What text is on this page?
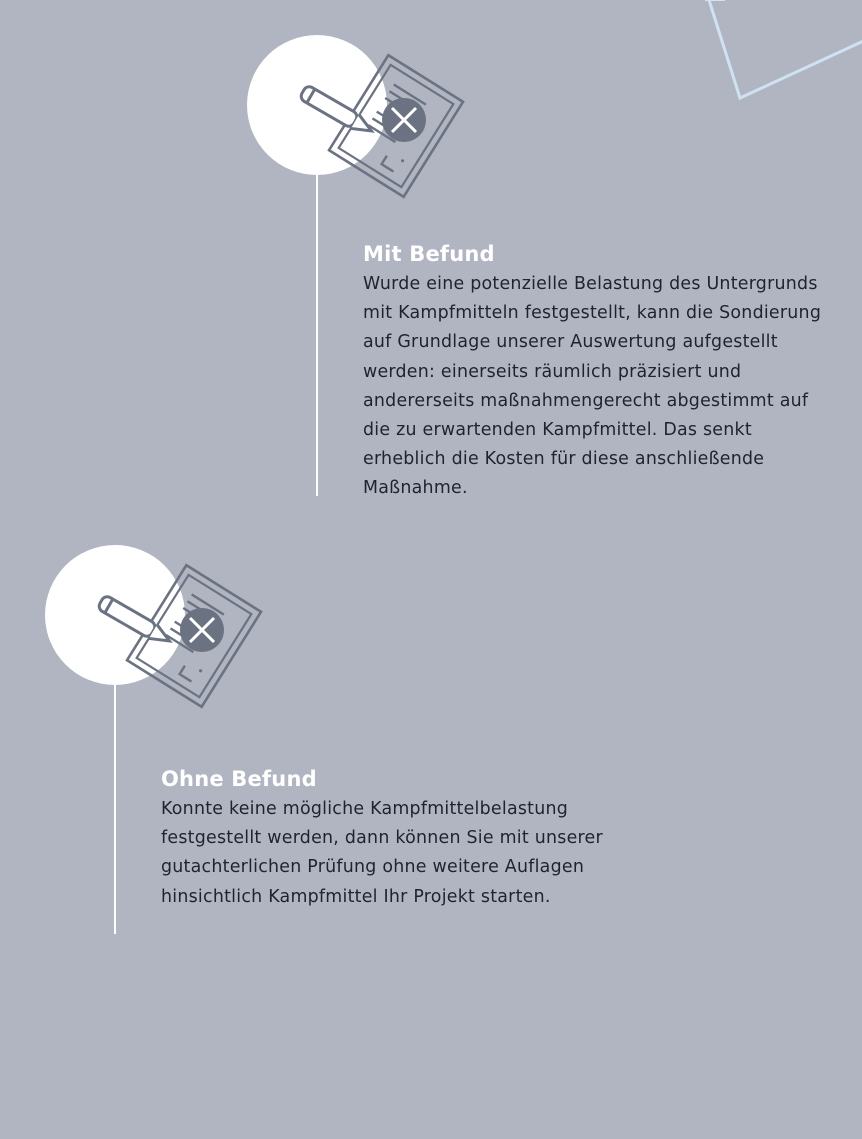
Mit Befund

Wurde eine potenzielle Belastung des Untergrunds mit Kampfmitteln festgestellt, kann die Sondierung auf Grundlage unserer Auswertung aufgestellt werden: einerseits räumlich präzisiert und andererseits maßnahmengerecht abgestimmt auf die zu erwartenden Kampfmittel. Das senkt erheblich die Kosten für diese anschließende Maßnahme.

Ohne Befund

Konnte keine mögliche Kampfmittelbelastung festgestellt werden, dann können Sie mit unserer gutachterlichen Prüfung ohne weitere Auflagen hinsichtlich Kampfmittel Ihr Projekt starten.
